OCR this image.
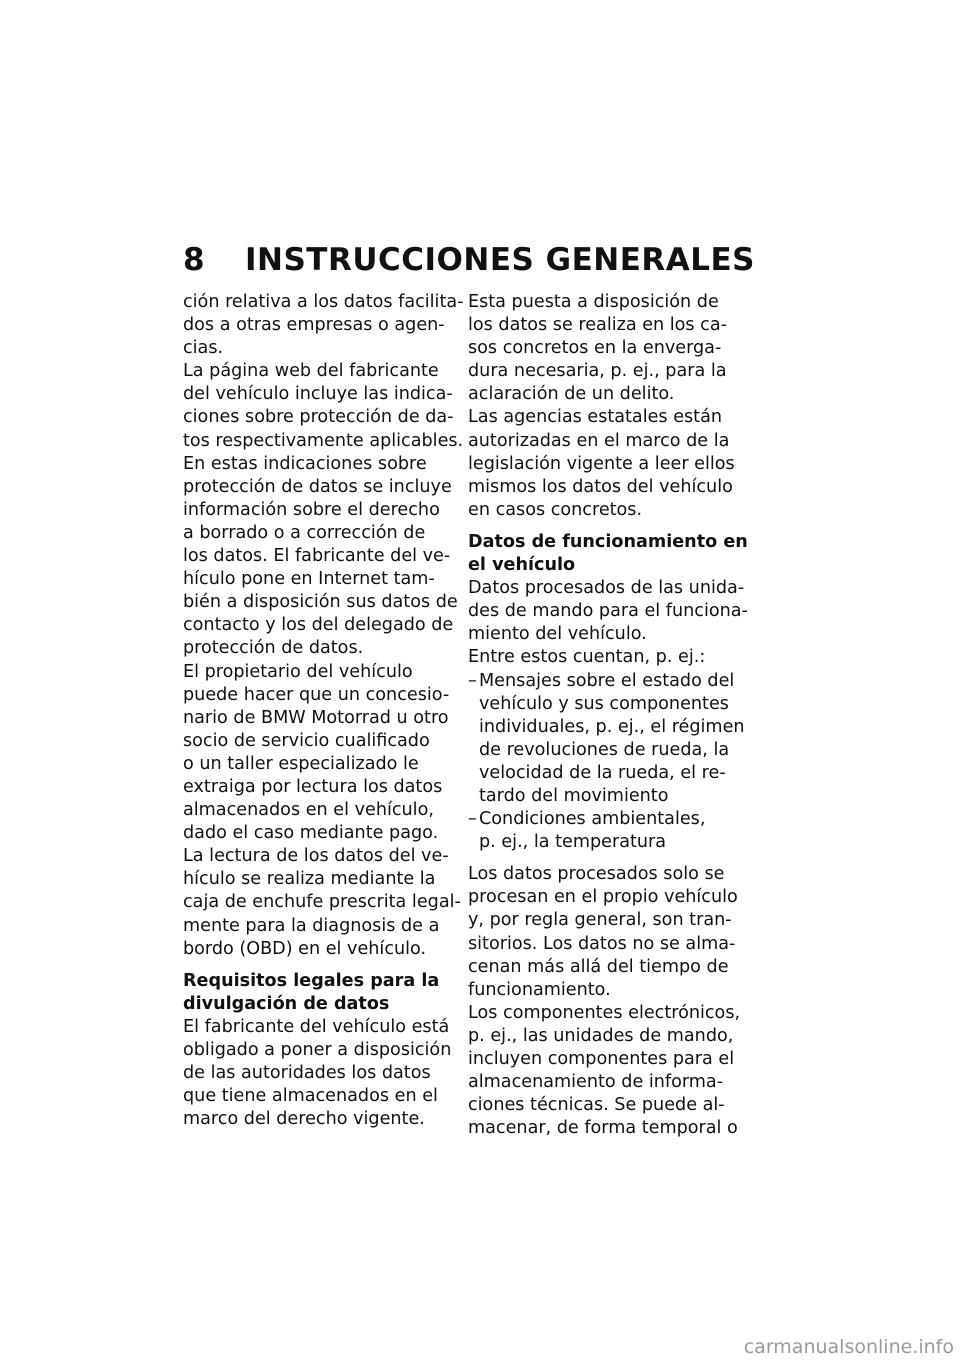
8 INSTRUCCIONES GENERALES
ción relativa a los datos facilita-
dos a otras empresas o agen-
cias.
La página web del fabricante
del vehículo incluye las indica-
ciones sobre protección de da-
tos respectivamente aplicables.
En estas indicaciones sobre
protección de datos se incluye
información sobre el derecho
a borrado o a corrección de
los datos. El fabricante del ve-
hículo pone en Internet tam-
bién a disposición sus datos de
contacto y los del delegado de
protección de datos.
El propietario del vehículo
puede hacer que un concesio-
nario de BMW Motorrad u otro
socio de servicio cualificado
o un taller especializado le
extraiga por lectura los datos
almacenados en el vehículo,
dado el caso mediante pago.
La lectura de los datos del ve-
hículo se realiza mediante la
caja de enchufe prescrita legal-
mente para la diagnosis de a
bordo (OBD) en el vehículo.
Requisitos legales para la
divulgación de datos
El fabricante del vehículo está
obligado a poner a disposición
de las autoridades los datos
que tiene almacenados en el
marco del derecho vigente.
Esta puesta a disposición de
los datos se realiza en los ca-
sos concretos en la enverga-
dura necesaria, p. ej., para la
aclaración de un delito.
Las agencias estatales están
autorizadas en el marco de la
legislación vigente a leer ellos
mismos los datos del vehículo
en casos concretos.
Datos de funcionamiento en
el vehículo
Datos procesados de las unida-
des de mando para el funciona-
miento del vehículo.
Entre estos cuentan, p. ej.:
– Mensajes sobre el estado del
vehículo y sus componentes
individuales, p. ej., el régimen
de revoluciones de rueda, la
velocidad de la rueda, el re-
tardo del movimiento
– Condiciones ambientales,
p. ej., la temperatura
Los datos procesados solo se
procesan en el propio vehículo
y, por regla general, son tran-
sitorios. Los datos no se alma-
cenan más allá del tiempo de
funcionamiento.
Los componentes electrónicos,
p. ej., las unidades de mando,
incluyen componentes para el
almacenamiento de informa-
ciones técnicas. Se puede al-
macenar, de forma temporal o
carmanualsonline.info
